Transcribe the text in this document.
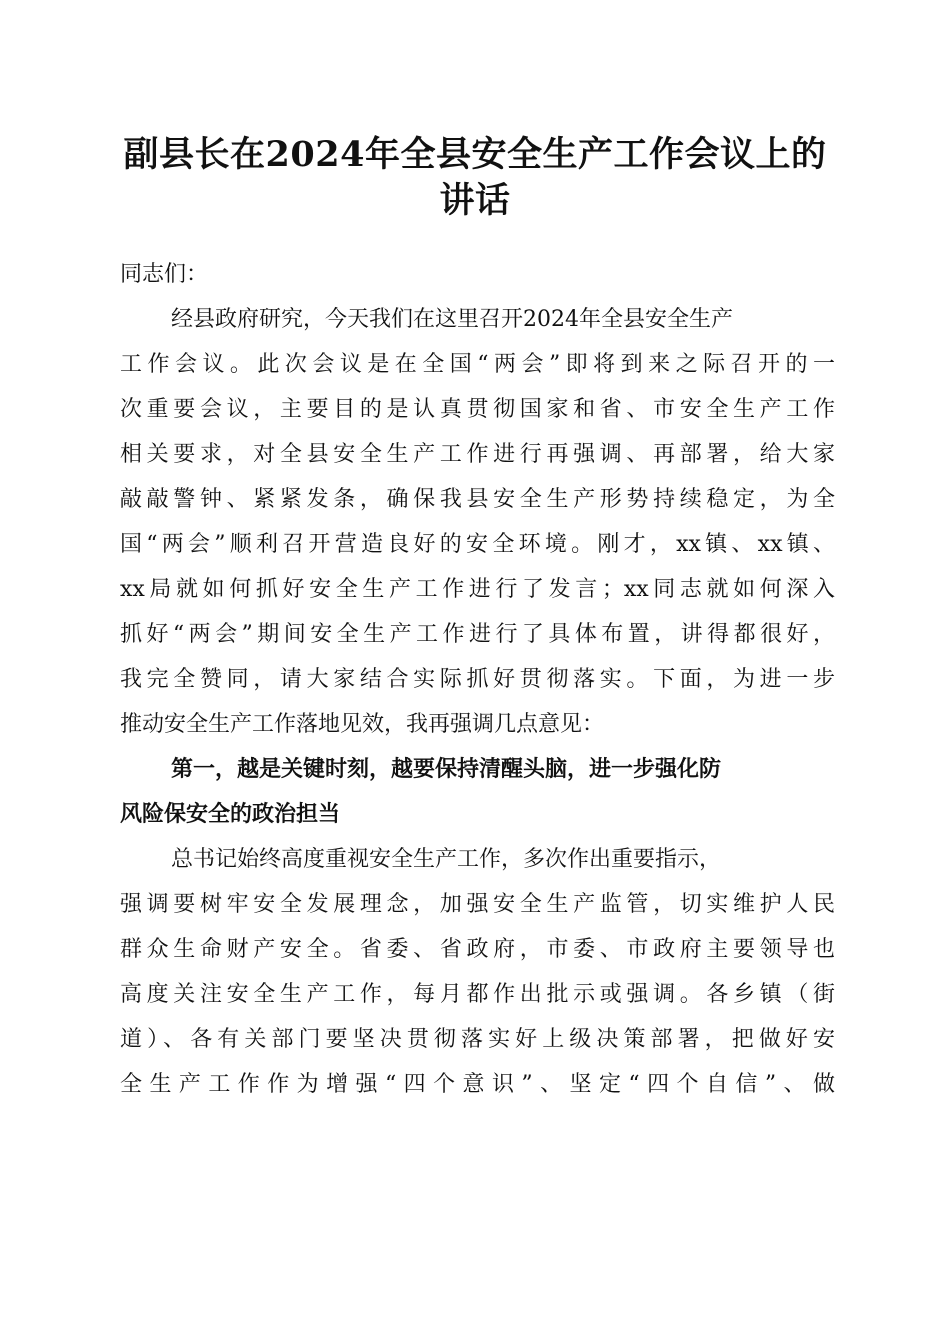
副县长在2024年全县安全生产工作会议上的
讲话
同志们：
经县政府研究，今天我们在这里召开2024年全县安全生产
工作会议。此次会议是在全国“两会”即将到来之际召开的一
次重要会议，主要目的是认真贯彻国家和省、市安全生产工作
相关要求，对全县安全生产工作进行再强调、再部署，给大家
敲敲警钟、紧紧发条，确保我县安全生产形势持续稳定，为全
国“两会”顺利召开营造良好的安全环境。刚才，xx镇、xx镇、
xx局就如何抓好安全生产工作进行了发言；xx同志就如何深入
抓好“两会”期间安全生产工作进行了具体布置，讲得都很好，
我完全赞同，请大家结合实际抓好贯彻落实。下面，为进一步
推动安全生产工作落地见效，我再强调几点意见：
第一，越是关键时刻，越要保持清醒头脑，进一步强化防
风险保安全的政治担当
总书记始终高度重视安全生产工作，多次作出重要指示，
强调要树牢安全发展理念，加强安全生产监管，切实维护人民
群众生命财产安全。省委、省政府，市委、市政府主要领导也
高度关注安全生产工作，每月都作出批示或强调。各乡镇（街
道）、各有关部门要坚决贯彻落实好上级决策部署，把做好安
全生产工作作为增强“四个意识”、坚定“四个自信”、做
